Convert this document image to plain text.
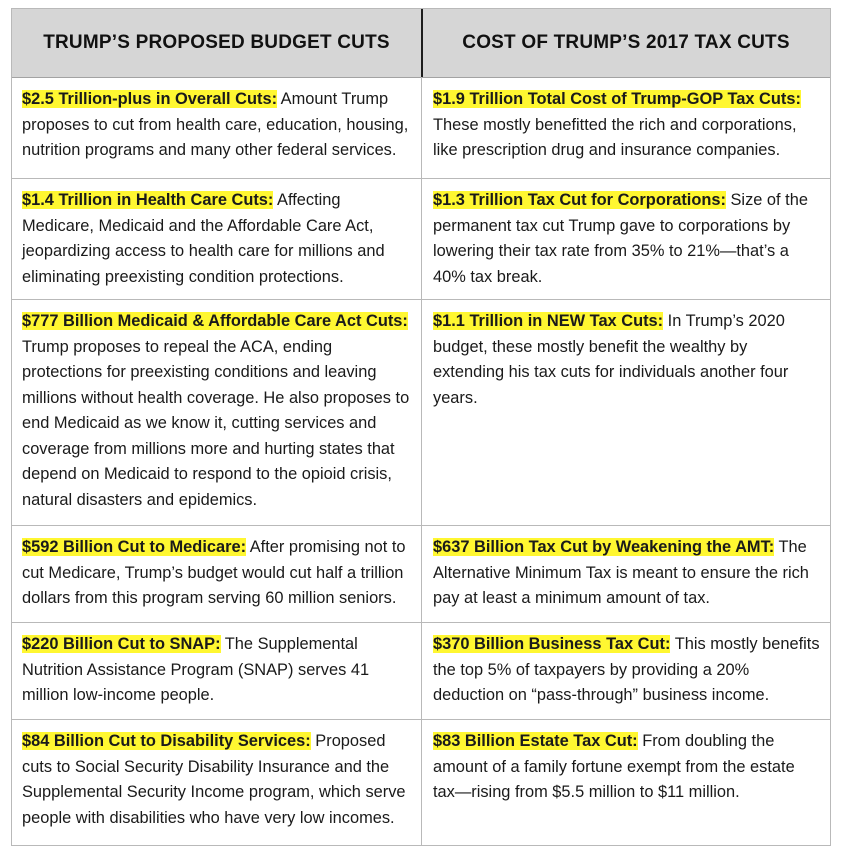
TRUMP’S PROPOSED BUDGET CUTS	COST OF TRUMP’S 2017 TAX CUTS
$2.5 Trillion-plus in Overall Cuts: Amount Trump proposes to cut from health care, education, housing, nutrition programs and many other federal services.
$1.9 Trillion Total Cost of Trump-GOP Tax Cuts: These mostly benefitted the rich and corporations, like prescription drug and insurance companies.
$1.4 Trillion in Health Care Cuts: Affecting Medicare, Medicaid and the Affordable Care Act, jeopardizing access to health care for millions and eliminating preexisting condition protections.
$1.3 Trillion Tax Cut for Corporations: Size of the permanent tax cut Trump gave to corporations by lowering their tax rate from 35% to 21%—that’s a 40% tax break.
$777 Billion Medicaid & Affordable Care Act Cuts: Trump proposes to repeal the ACA, ending protections for preexisting conditions and leaving millions without health coverage. He also proposes to end Medicaid as we know it, cutting services and coverage from millions more and hurting states that depend on Medicaid to respond to the opioid crisis, natural disasters and epidemics.
$1.1 Trillion in NEW Tax Cuts: In Trump’s 2020 budget, these mostly benefit the wealthy by extending his tax cuts for individuals another four years.
$592 Billion Cut to Medicare: After promising not to cut Medicare, Trump’s budget would cut half a trillion dollars from this program serving 60 million seniors.
$637 Billion Tax Cut by Weakening the AMT: The Alternative Minimum Tax is meant to ensure the rich pay at least a minimum amount of tax.
$220 Billion Cut to SNAP: The Supplemental Nutrition Assistance Program (SNAP) serves 41 million low-income people.
$370 Billion Business Tax Cut: This mostly benefits the top 5% of taxpayers by providing a 20% deduction on “pass-through” business income.
$84 Billion Cut to Disability Services: Proposed cuts to Social Security Disability Insurance and the Supplemental Security Income program, which serve people with disabilities who have very low incomes.
$83 Billion Estate Tax Cut: From doubling the amount of a family fortune exempt from the estate tax—rising from $5.5 million to $11 million.
